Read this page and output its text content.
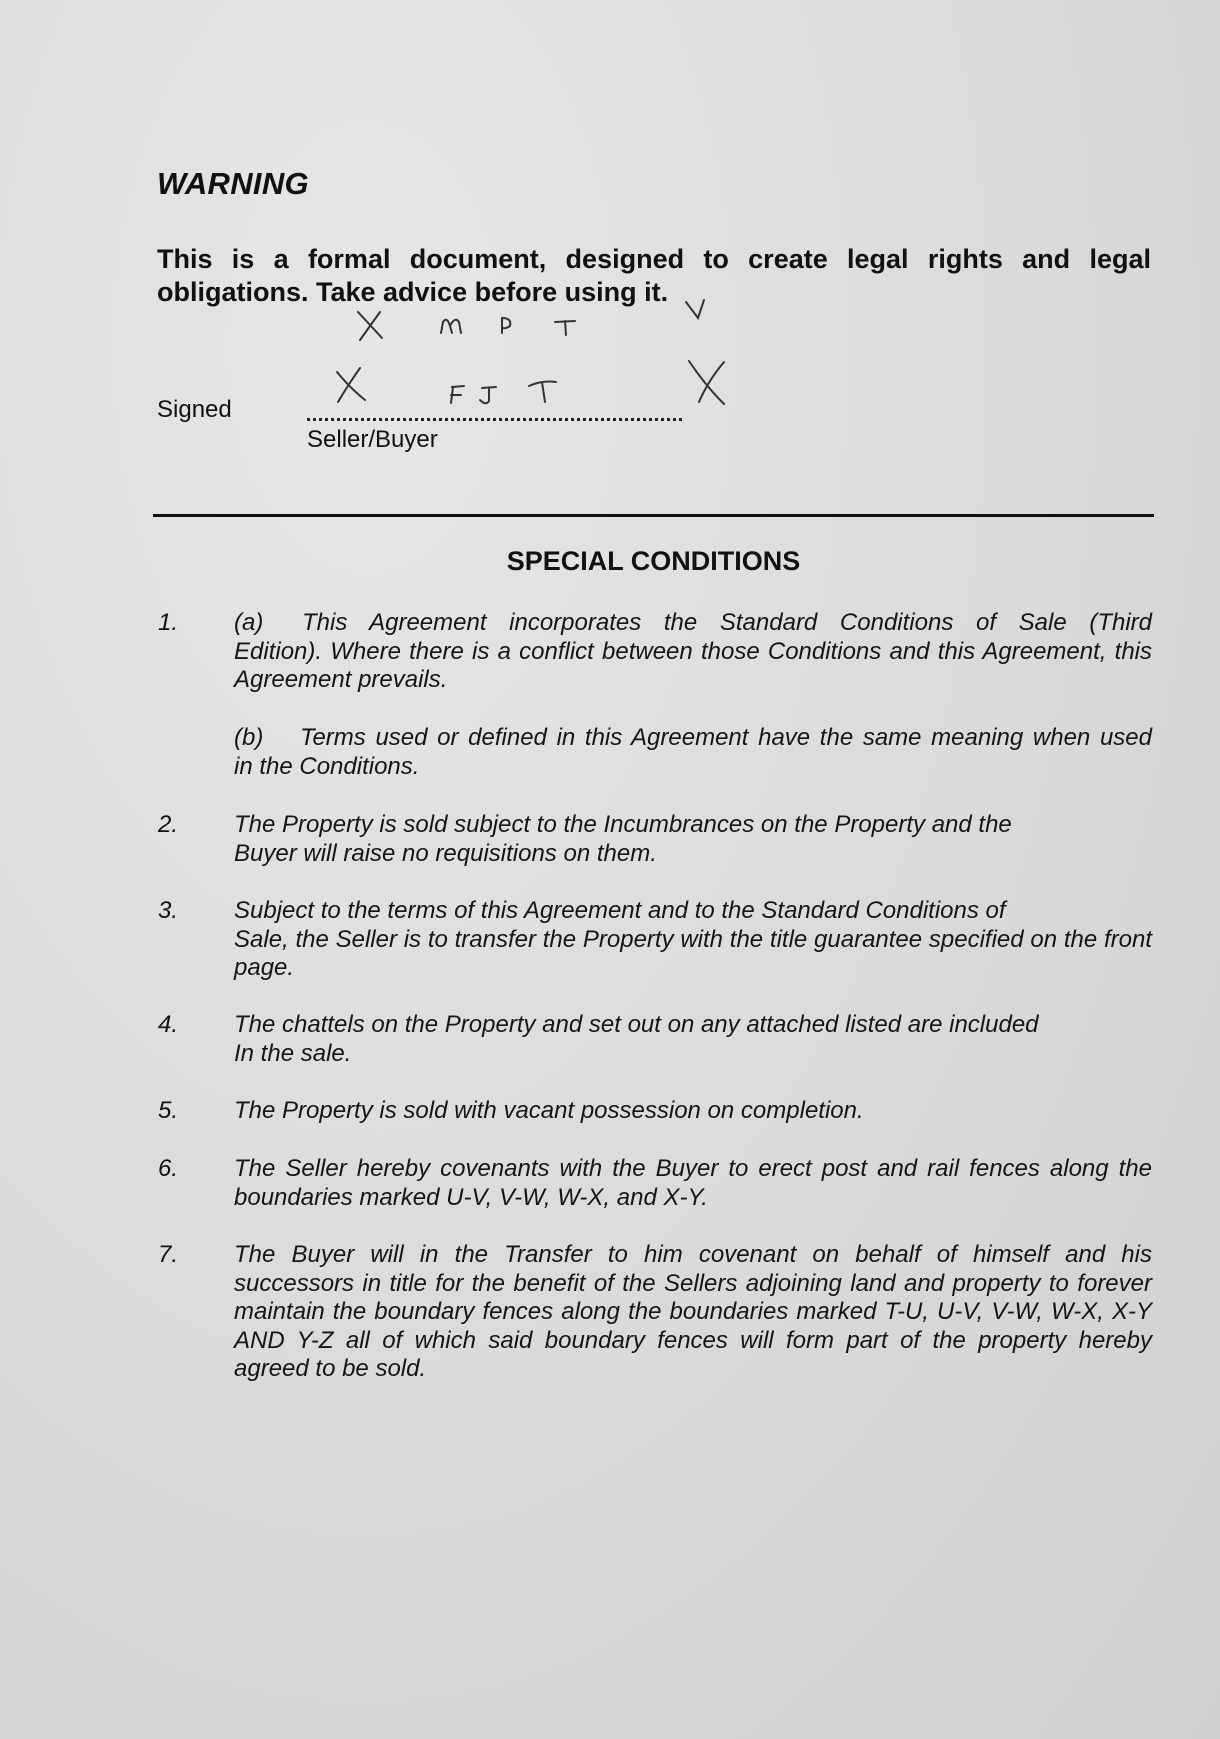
WARNING
This is a formal document, designed to create legal rights and legal obligations. Take advice before using it.
Signed
Seller/Buyer
SPECIAL CONDITIONS
1. (a) This Agreement incorporates the Standard Conditions of Sale (Third
Edition). Where there is a conflict between those Conditions and this Agreement, this Agreement prevails.
(b) Terms used or defined in this Agreement have the same meaning when used
in the Conditions.
2. The Property is sold subject to the Incumbrances on the Property and the
Buyer will raise no requisitions on them.
3. Subject to the terms of this Agreement and to the Standard Conditions of
Sale, the Seller is to transfer the Property with the title guarantee specified on the front page.
4. The chattels on the Property and set out on any attached listed are included
In the sale.
5. The Property is sold with vacant possession on completion.
6. The Seller hereby covenants with the Buyer to erect post and rail fences along the
boundaries marked U-V, V-W, W-X, and X-Y.
7. The Buyer will in the Transfer to him covenant on behalf of himself and his
successors in title for the benefit of the Sellers adjoining land and property to forever maintain the boundary fences along the boundaries marked T-U, U-V, V-W, W-X, X-Y AND Y-Z all of which said boundary fences will form part of the property hereby agreed to be sold.
